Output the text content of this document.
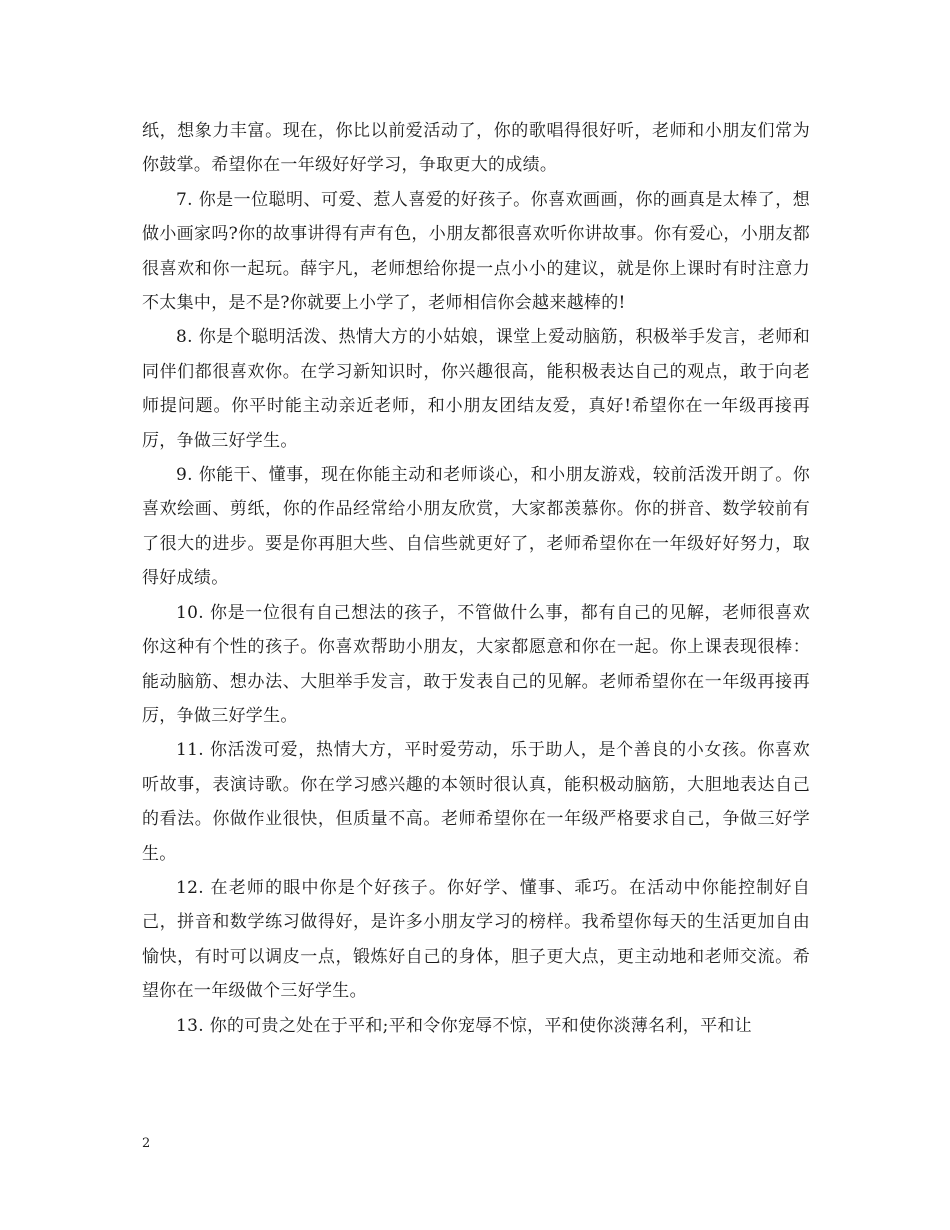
纸，想象力丰富。现在，你比以前爱活动了，你的歌唱得很好听，老师和小朋友们常为你鼓掌。希望你在一年级好好学习，争取更大的成绩。

7. 你是一位聪明、可爱、惹人喜爱的好孩子。你喜欢画画，你的画真是太棒了，想做小画家吗?你的故事讲得有声有色，小朋友都很喜欢听你讲故事。你有爱心，小朋友都很喜欢和你一起玩。薛宇凡，老师想给你提一点小小的建议，就是你上课时有时注意力不太集中，是不是?你就要上小学了，老师相信你会越来越棒的!

8. 你是个聪明活泼、热情大方的小姑娘，课堂上爱动脑筋，积极举手发言，老师和同伴们都很喜欢你。在学习新知识时，你兴趣很高，能积极表达自己的观点，敢于向老师提问题。你平时能主动亲近老师，和小朋友团结友爱，真好!希望你在一年级再接再厉，争做三好学生。

9. 你能干、懂事，现在你能主动和老师谈心，和小朋友游戏，较前活泼开朗了。你喜欢绘画、剪纸，你的作品经常给小朋友欣赏，大家都羡慕你。你的拼音、数学较前有了很大的进步。要是你再胆大些、自信些就更好了，老师希望你在一年级好好努力，取得好成绩。

10. 你是一位很有自己想法的孩子，不管做什么事，都有自己的见解，老师很喜欢你这种有个性的孩子。你喜欢帮助小朋友，大家都愿意和你在一起。你上课表现很棒：能动脑筋、想办法、大胆举手发言，敢于发表自己的见解。老师希望你在一年级再接再厉，争做三好学生。

11. 你活泼可爱，热情大方，平时爱劳动，乐于助人，是个善良的小女孩。你喜欢听故事，表演诗歌。你在学习感兴趣的本领时很认真，能积极动脑筋，大胆地表达自己的看法。你做作业很快，但质量不高。老师希望你在一年级严格要求自己，争做三好学生。

12. 在老师的眼中你是个好孩子。你好学、懂事、乖巧。在活动中你能控制好自己，拼音和数学练习做得好，是许多小朋友学习的榜样。我希望你每天的生活更加自由愉快，有时可以调皮一点，锻炼好自己的身体，胆子更大点，更主动地和老师交流。希望你在一年级做个三好学生。

13. 你的可贵之处在于平和;平和令你宠辱不惊，平和使你淡薄名利，平和让

2
